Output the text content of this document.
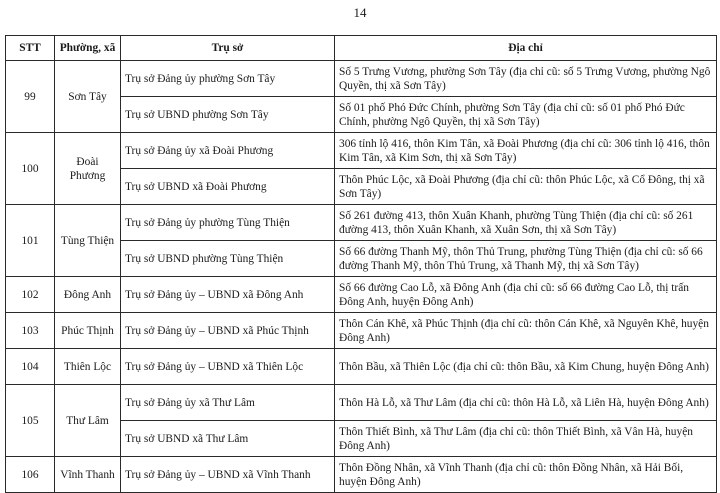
14
STT	Phường, xã	Trụ sở	Địa chỉ
99	Sơn Tây	Trụ sở Đảng ủy phường Sơn Tây	Số 5 Trưng Vương, phường Sơn Tây (địa chỉ cũ: số 5 Trưng Vương, phường Ngô Quyền, thị xã Sơn Tây)
		Trụ sở UBND phường Sơn Tây	Số 01 phố Phó Đức Chính, phường Sơn Tây (địa chỉ cũ: số 01 phố Phó Đức Chính, phường Ngô Quyền, thị xã Sơn Tây)
100	Đoài Phương	Trụ sở Đảng ủy xã Đoài Phương	306 tỉnh lộ 416, thôn Kim Tân, xã Đoài Phương (địa chỉ cũ: 306 tỉnh lộ 416, thôn Kim Tân, xã Kim Sơn, thị xã Sơn Tây)
		Trụ sở UBND xã Đoài Phương	Thôn Phúc Lộc, xã Đoài Phương (địa chỉ cũ: thôn Phúc Lộc, xã Cổ Đông, thị xã Sơn Tây)
101	Tùng Thiện	Trụ sở Đảng ủy phường Tùng Thiện	Số 261 đường 413, thôn Xuân Khanh, phường Tùng Thiện (địa chỉ cũ: số 261 đường 413, thôn Xuân Khanh, xã Xuân Sơn, thị xã Sơn Tây)
		Trụ sở UBND phường Tùng Thiện	Số 66 đường Thanh Mỹ, thôn Thủ Trung, phường Tùng Thiện (địa chỉ cũ: số 66 đường Thanh Mỹ, thôn Thủ Trung, xã Thanh Mỹ, thị xã Sơn Tây)
102	Đông Anh	Trụ sở Đảng ủy – UBND xã Đông Anh	Số 66 đường Cao Lỗ, xã Đông Anh (địa chỉ cũ: số 66 đường Cao Lỗ, thị trấn Đông Anh, huyện Đông Anh)
103	Phúc Thịnh	Trụ sở Đảng ủy – UBND xã Phúc Thịnh	Thôn Cán Khê, xã Phúc Thịnh (địa chỉ cũ: thôn Cán Khê, xã Nguyên Khê, huyện Đông Anh)
104	Thiên Lộc	Trụ sở Đảng ủy – UBND xã Thiên Lộc	Thôn Bầu, xã Thiên Lộc (địa chỉ cũ: thôn Bầu, xã Kim Chung, huyện Đông Anh)
105	Thư Lâm	Trụ sở Đảng ủy xã Thư Lâm	Thôn Hà Lỗ, xã Thư Lâm (địa chỉ cũ: thôn Hà Lỗ, xã Liên Hà, huyện Đông Anh)
		Trụ sở UBND xã Thư Lâm	Thôn Thiết Bình, xã Thư Lâm (địa chỉ cũ: thôn Thiết Bình, xã Vân Hà, huyện Đông Anh)
106	Vĩnh Thanh	Trụ sở Đảng ủy – UBND xã Vĩnh Thanh	Thôn Đồng Nhân, xã Vĩnh Thanh (địa chỉ cũ: thôn Đồng Nhân, xã Hải Bối, huyện Đông Anh)
